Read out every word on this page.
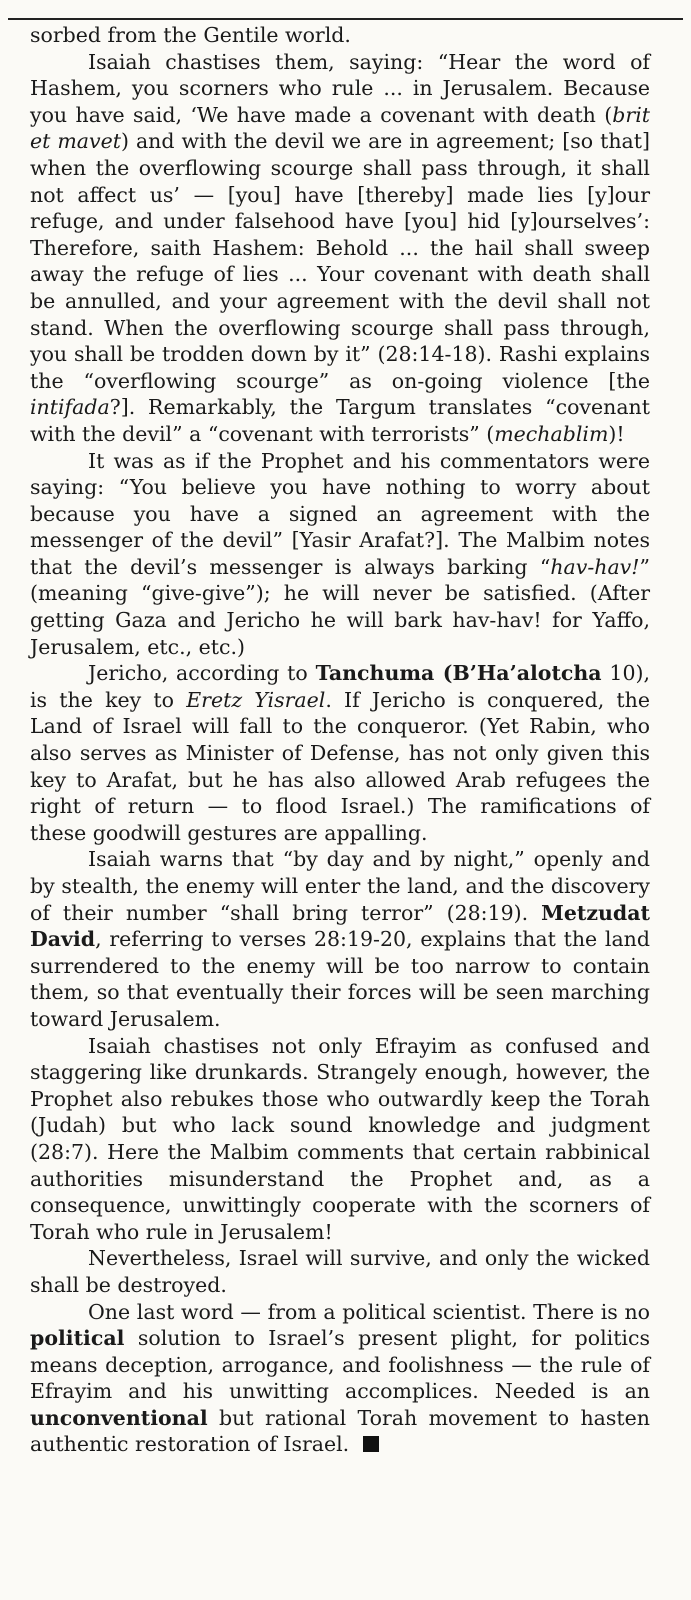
sorbed from the Gentile world.

Isaiah chastises them, saying: “Hear the word of Hashem, you scorners who rule ... in Jerusalem. Because you have said, ‘We have made a covenant with death (brit et mavet) and with the devil we are in agreement; [so that] when the overflowing scourge shall pass through, it shall not affect us’ — [you] have [thereby] made lies [y]our refuge, and under falsehood have [you] hid [y]ourselves’: Therefore, saith Hashem: Behold ... the hail shall sweep away the refuge of lies ... Your covenant with death shall be annulled, and your agreement with the devil shall not stand. When the overflowing scourge shall pass through, you shall be trodden down by it” (28:14-18). Rashi explains the “overflowing scourge” as on-going violence [the intifada?]. Remarkably, the Targum translates “covenant with the devil” a “covenant with terrorists” (mechablim)!

It was as if the Prophet and his commentators were saying: “You believe you have nothing to worry about because you have a signed an agreement with the messenger of the devil” [Yasir Arafat?]. The Malbim notes that the devil’s messenger is always barking “hav-hav!” (meaning “give-give”); he will never be satisfied. (After getting Gaza and Jericho he will bark hav-hav! for Yaffo, Jerusalem, etc., etc.)

Jericho, according to Tanchuma (B’Ha’alotcha 10), is the key to Eretz Yisrael. If Jericho is conquered, the Land of Israel will fall to the conqueror. (Yet Rabin, who also serves as Minister of Defense, has not only given this key to Arafat, but he has also allowed Arab refugees the right of return — to flood Israel.) The ramifications of these goodwill gestures are appalling.

Isaiah warns that “by day and by night,” openly and by stealth, the enemy will enter the land, and the discovery of their number “shall bring terror” (28:19). Metzudat David, referring to verses 28:19-20, explains that the land surrendered to the enemy will be too narrow to contain them, so that eventually their forces will be seen marching toward Jerusalem.

Isaiah chastises not only Efrayim as confused and staggering like drunkards. Strangely enough, however, the Prophet also rebukes those who outwardly keep the Torah (Judah) but who lack sound knowledge and judgment (28:7). Here the Malbim comments that certain rabbinical authorities misunderstand the Prophet and, as a consequence, unwittingly cooperate with the scorners of Torah who rule in Jerusalem!

Nevertheless, Israel will survive, and only the wicked shall be destroyed.

One last word — from a political scientist. There is no political solution to Israel’s present plight, for politics means deception, arrogance, and foolishness — the rule of Efrayim and his unwitting accomplices. Needed is an unconventional but rational Torah movement to hasten authentic restoration of Israel.
